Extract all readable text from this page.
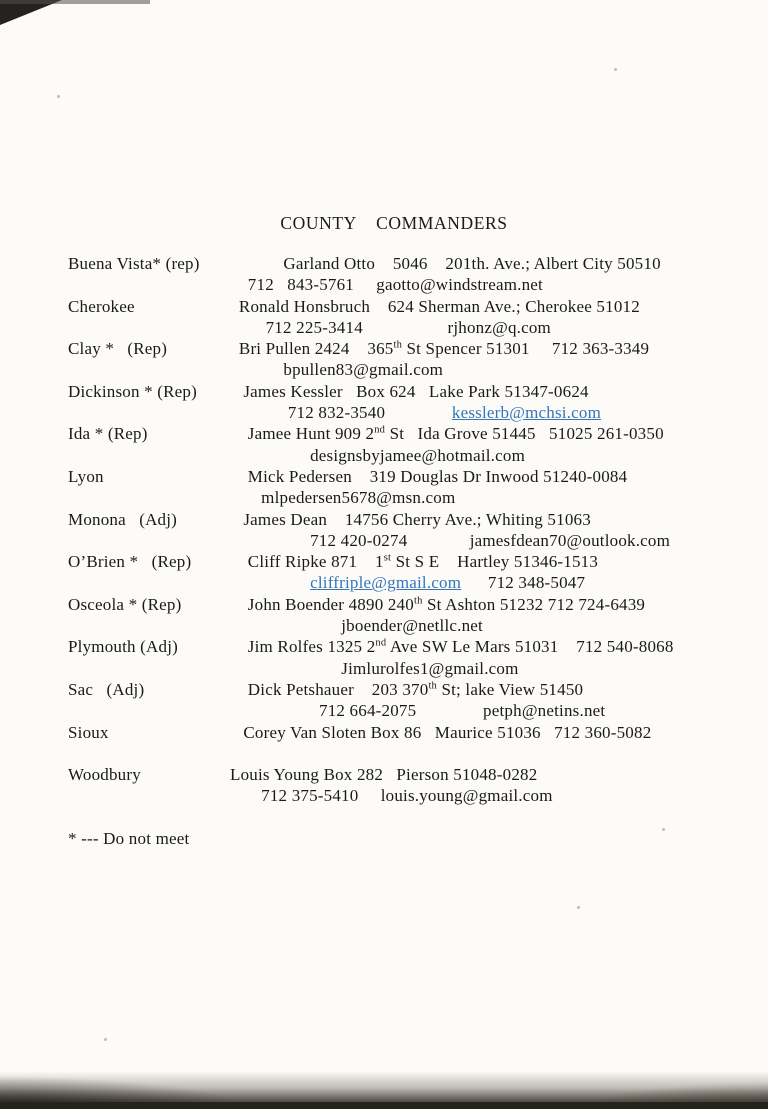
COUNTY    COMMANDERS
Buena Vista* (rep) Garland Otto    5046    201th. Ave.; Albert City 50510
712   843-5761     gaotto@windstream.net
Cherokee	Ronald Honsbruch    624 Sherman Ave.; Cherokee 51012
712 225-3414                   rjhonz@q.com
Clay *   (Rep)	Bri Pullen 2424    365th St Spencer 51301     712 363-3349
bpullen83@gmail.com
Dickinson * (Rep) James Kessler   Box 624   Lake Park 51347-0624
712 832-3540               kesslerb@mchsi.com
Ida * (Rep)	Jamee Hunt 909 2nd St   Ida Grove 51445   51025 261-0350
designsbyjamee@hotmail.com
Lyon	Mick Pedersen    319 Douglas Dr Inwood 51240-0084
mlpedersen5678@msn.com
Monona   (Adj)	James Dean    14756 Cherry Ave.; Whiting 51063
712 420-0274              jamesfdean70@outlook.com
O’Brien *   (Rep) Cliff Ripke 871    1st St S E    Hartley 51346-1513
cliffriple@gmail.com      712 348-5047
Osceola * (Rep)	John Boender 4890 240th St Ashton 51232 712 724-6439
jboender@netllc.net
Plymouth (Adj)	Jim Rolfes 1325 2nd Ave SW Le Mars 51031    712 540-8068
Jimlurolfes1@gmail.com
Sac   (Adj)	Dick Petshauer    203 370th St; lake View 51450
712 664-2075               petph@netins.net
Sioux	Corey Van Sloten Box 86   Maurice 51036   712 360-5082
Woodbury	Louis Young Box 282   Pierson 51048-0282
712 375-5410     louis.young@gmail.com
* --- Do not meet
